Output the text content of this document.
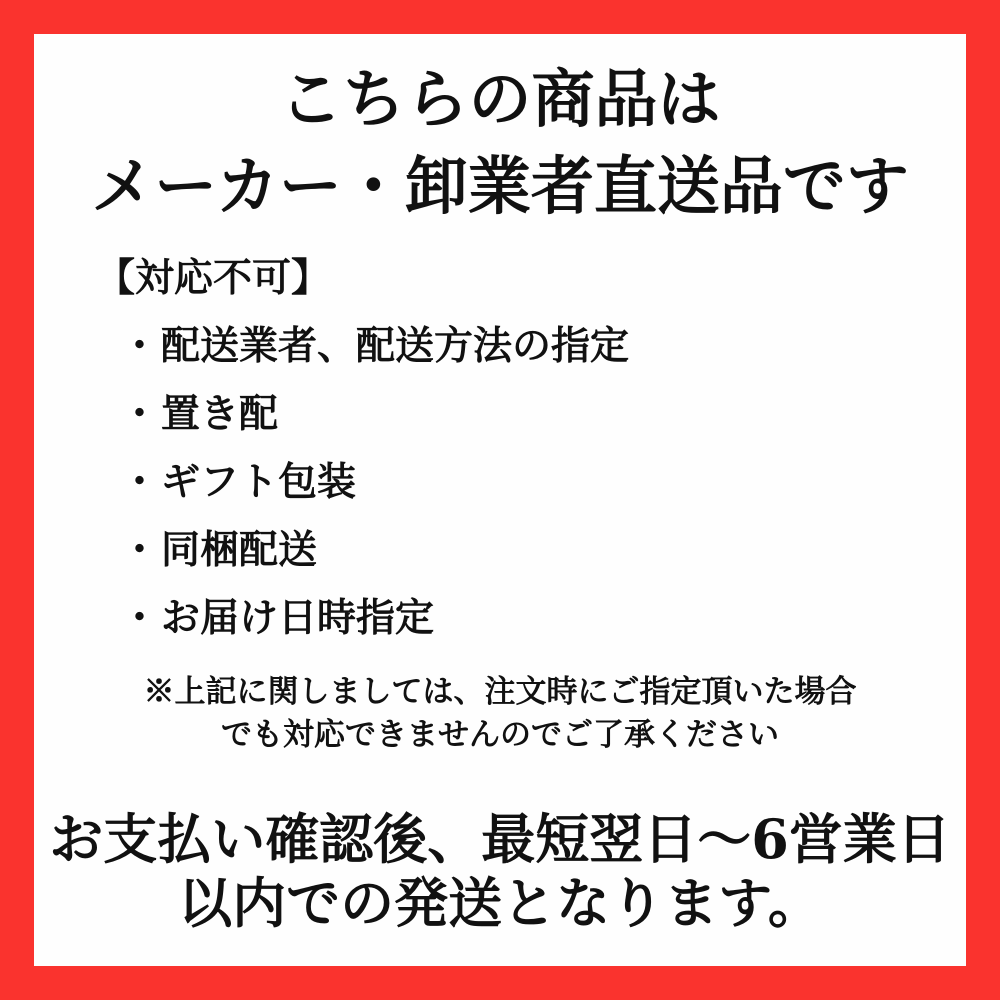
こちらの商品は
メーカー・卸業者直送品です
【対応不可】
・配送業者、配送方法の指定
・置き配
・ギフト包装
・同梱配送
・お届け日時指定

※上記に関しましては、注文時にご指定頂いた場合
でも対応できませんのでご了承ください

お支払い確認後、最短翌日〜6営業日
以内での発送となります。
